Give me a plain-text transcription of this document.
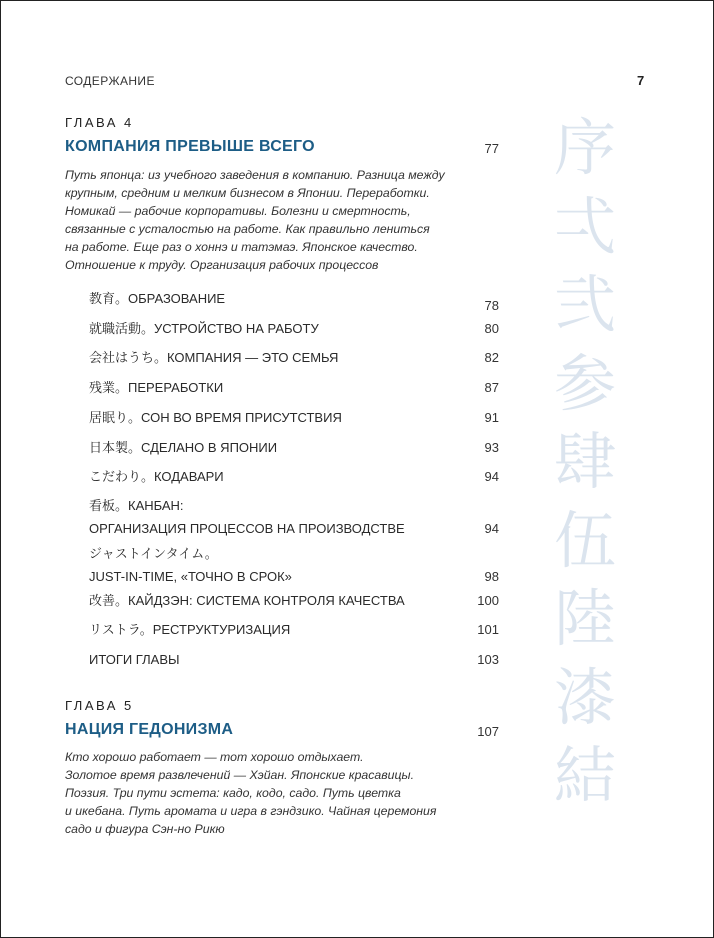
СОДЕРЖАНИЕ	7
序
弌
弐
参
肆
伍
陸
漆
結
ГЛАВА 4
КОМПАНИЯ ПРЕВЫШЕ ВСЕГО	77
Путь японца: из учебного заведения в компанию. Разница между
крупным, средним и мелким бизнесом в Японии. Переработки.
Номикай — рабочие корпоративы. Болезни и смертность,
связанные с усталостью на работе. Как правильно лениться
на работе. Еще раз о хоннэ и татэмаэ. Японское качество.
Отношение к труду. Организация рабочих процессов
教育。ОБРАЗОВАНИЕ	78
就職活動。УСТРОЙСТВО НА РАБОТУ	80
会社はうち。КОМПАНИЯ — ЭТО СЕМЬЯ	82
残業。ПЕРЕРАБОТКИ	87
居眠り。СОН ВО ВРЕМЯ ПРИСУТСТВИЯ	91
日本製。СДЕЛАНО В ЯПОНИИ	93
こだわり。КОДАВАРИ	94
看板。КАНБАН:
ОРГАНИЗАЦИЯ ПРОЦЕССОВ НА ПРОИЗВОДСТВЕ	94
ジャストインタイム。
JUST-IN-TIME, «ТОЧНО В СРОК»	98
改善。КАЙДЗЭН: СИСТЕМА КОНТРОЛЯ КАЧЕСТВА	100
リストラ。РЕСТРУКТУРИЗАЦИЯ	101
ИТОГИ ГЛАВЫ	103
ГЛАВА 5
НАЦИЯ ГЕДОНИЗМА	107
Кто хорошо работает — тот хорошо отдыхает.
Золотое время развлечений — Хэйан. Японские красавицы.
Поэзия. Три пути эстета: кадо, кодо, садо. Путь цветка
и икебана. Путь аромата и игра в гэндзико. Чайная церемония
садо и фигура Сэн-но Рикю
